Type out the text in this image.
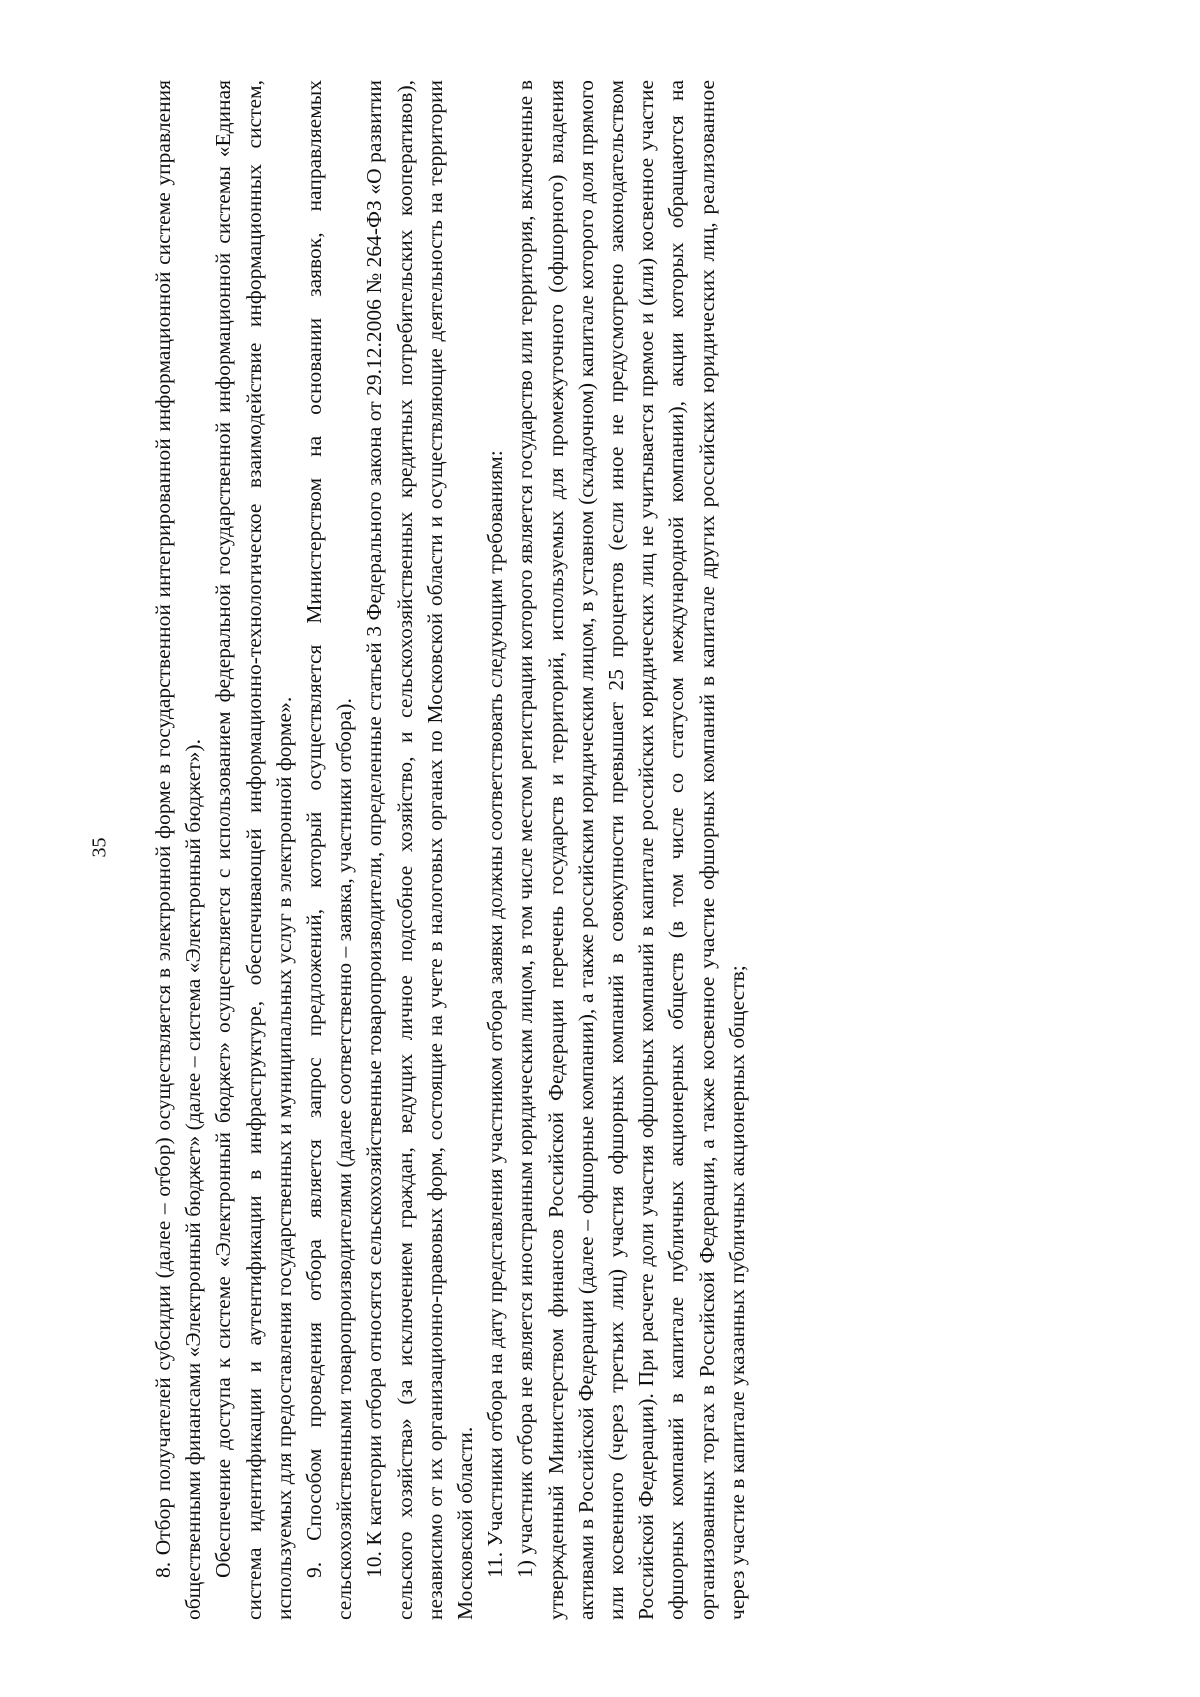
35 8. Отбор получателей субсидии (далее – отбор) осуществляется в электронной форме в государственной интегрированной информационной системе управления общественными финансами «Электронный бюджет» (далее – система «Электронный бюджет»). Обеспечение доступа к системе «Электронный бюджет» осуществляется с использованием федеральной государственной информационной системы «Единая система идентификации и аутентификации в инфраструктуре, обеспечивающей информационно-технологическое взаимодействие информационных систем, используемых для предоставления государственных и муниципальных услуг в электронной форме». 9. Способом проведения отбора является запрос предложений, который осуществляется Министерством на основании заявок, направляемых сельскохозяйственными товаропроизводителями (далее соответственно – заявка, участники отбора). 10. К категории отбора относятся сельскохозяйственные товаропроизводители, определенные статьей 3 Федерального закона от 29.12.2006 № 264-ФЗ «О развитии сельского хозяйства» (за исключением граждан, ведущих личное подсобное хозяйство, и сельскохозяйственных кредитных потребительских кооперативов), независимо от их организационно-правовых форм, состоящие на учете в налоговых органах по Московской области и осуществляющие деятельность на территории Московской области. 11. Участники отбора на дату представления участником отбора заявки должны соответствовать следующим требованиям: 1) участник отбора не является иностранным юридическим лицом, в том числе местом регистрации которого является государство или территория, включенные в утвержденный Министерством финансов Российской Федерации перечень государств и территорий, используемых для промежуточного (офшорного) владения активами в Российской Федерации (далее – офшорные компании), а также российским юридическим лицом, в уставном (складочном) капитале которого доля прямого или косвенного (через третьих лиц) участия офшорных компаний в совокупности превышает 25 процентов (если иное не предусмотрено законодательством Российской Федерации). При расчете доли участия офшорных компаний в капитале российских юридических лиц не учитывается прямое и (или) косвенное участие офшорных компаний в капитале публичных акционерных обществ (в том числе со статусом международной компании), акции которых обращаются на организованных торгах в Российской Федерации, а также косвенное участие офшорных компаний в капитале других российских юридических лиц, реализованное через участие в капитале указанных публичных акционерных обществ;
